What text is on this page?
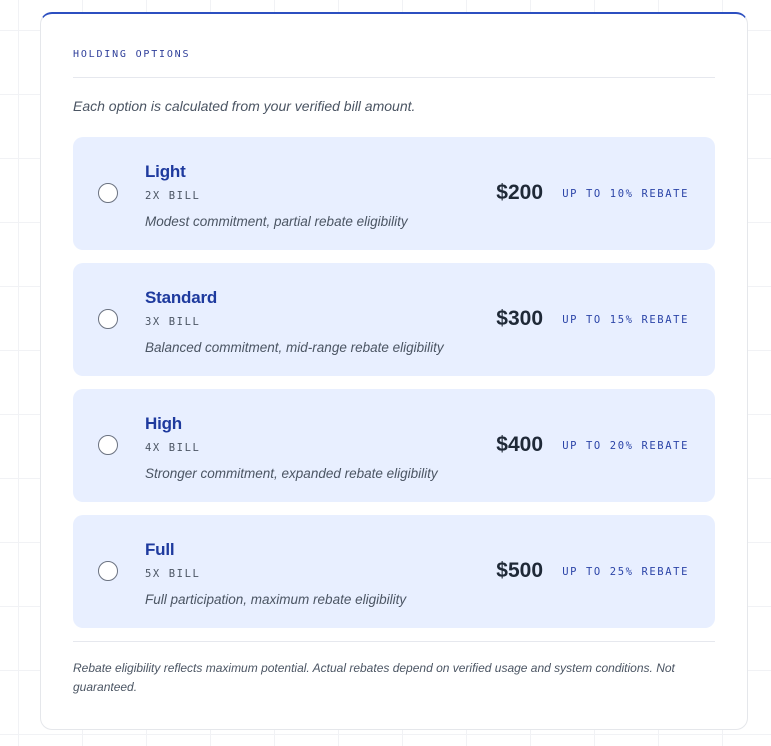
HOLDING OPTIONS
Each option is calculated from your verified bill amount.
Light
2X BILL
Modest commitment, partial rebate eligibility
$200 UP TO 10% REBATE
Standard
3X BILL
Balanced commitment, mid-range rebate eligibility
$300 UP TO 15% REBATE
High
4X BILL
Stronger commitment, expanded rebate eligibility
$400 UP TO 20% REBATE
Full
5X BILL
Full participation, maximum rebate eligibility
$500 UP TO 25% REBATE
Rebate eligibility reflects maximum potential. Actual rebates depend on verified usage and system conditions. Not guaranteed.
